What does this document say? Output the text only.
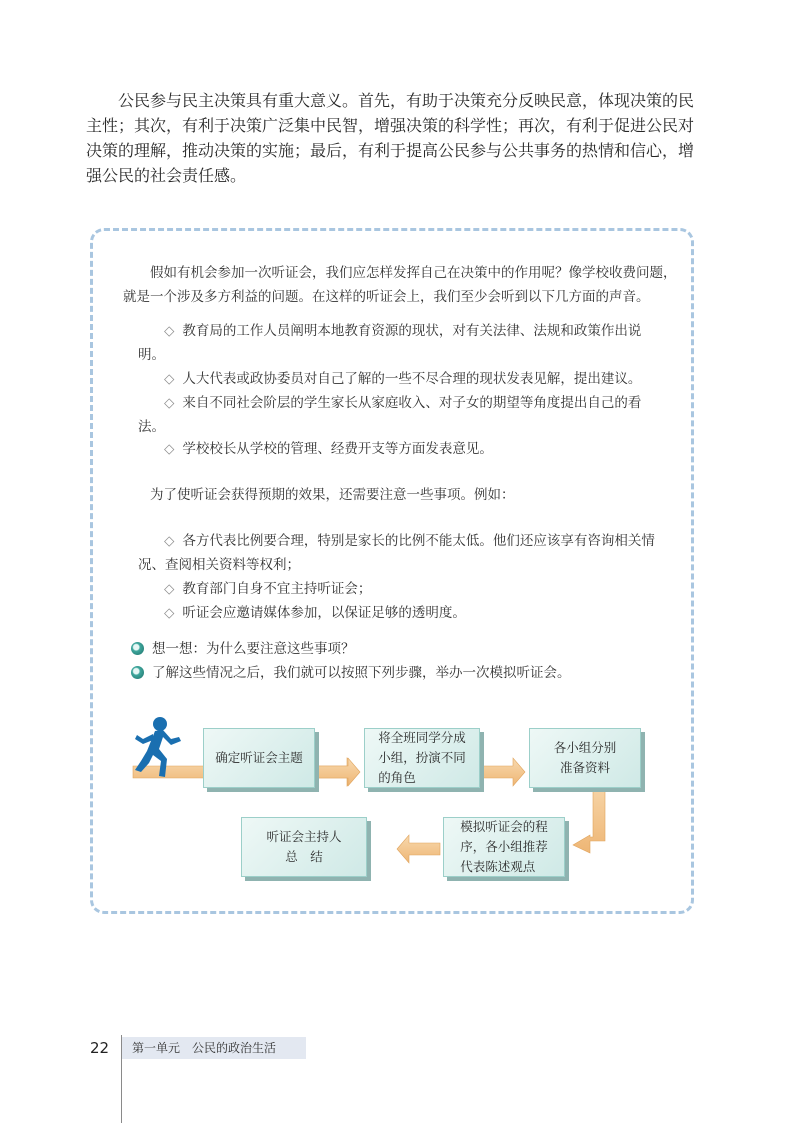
公民参与民主决策具有重大意义。首先，有助于决策充分反映民意，体现决策的民主性；其次，有利于决策广泛集中民智，增强决策的科学性；再次，有利于促进公民对决策的理解，推动决策的实施；最后，有利于提高公民参与公共事务的热情和信心，增强公民的社会责任感。

假如有机会参加一次听证会，我们应怎样发挥自己在决策中的作用呢？像学校收费问题，就是一个涉及多方利益的问题。在这样的听证会上，我们至少会听到以下几方面的声音。

◇ 教育局的工作人员阐明本地教育资源的现状，对有关法律、法规和政策作出说明。

◇ 人大代表或政协委员对自己了解的一些不尽合理的现状发表见解，提出建议。

◇ 来自不同社会阶层的学生家长从家庭收入、对子女的期望等角度提出自己的看法。

◇ 学校校长从学校的管理、经费开支等方面发表意见。

为了使听证会获得预期的效果，还需要注意一些事项。例如：

◇ 各方代表比例要合理，特别是家长的比例不能太低。他们还应该享有咨询相关情况、查阅相关资料等权利；

◇ 教育部门自身不宜主持听证会；

◇ 听证会应邀请媒体参加，以保证足够的透明度。

想一想：为什么要注意这些事项？

了解这些情况之后，我们就可以按照下列步骤，举办一次模拟听证会。

确定听证会主题
将全班同学分成
小组，扮演不同
的角色
各小组分别
准备资料
模拟听证会的程
序，各小组推荐
代表陈述观点
听证会主持人
总　结
22	第一单元 公民的政治生活
